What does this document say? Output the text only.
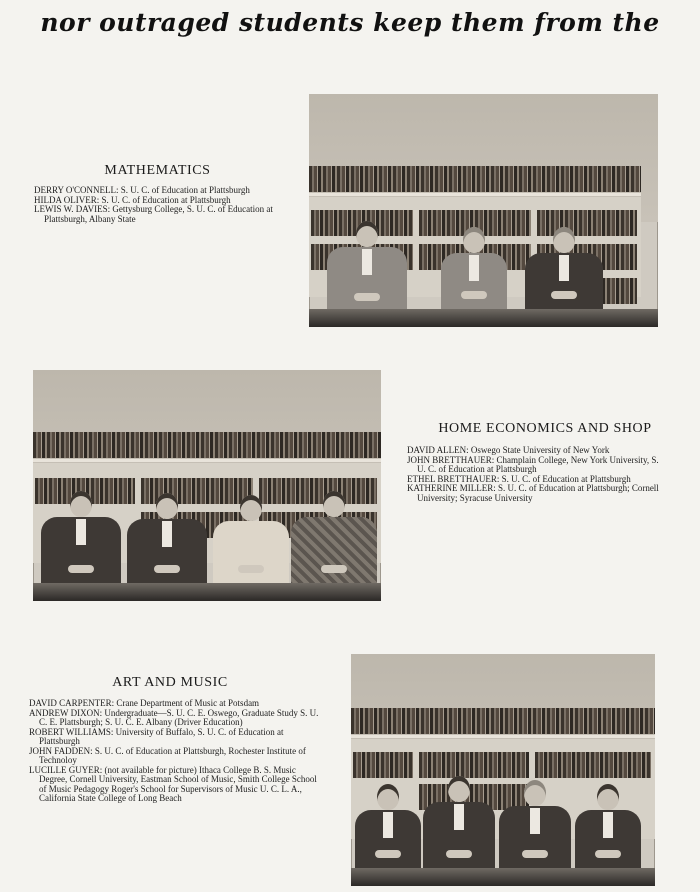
nor outraged students keep them from the
MATHEMATICS

DERRY O'CONNELL: S. U. C. of Education at Plattsburgh

HILDA OLIVER: S. U. C. of Education at Plattsburgh

LEWIS W. DAVIES: Gettysburg College, S. U. C. of Education at Plattsburgh, Albany State

HOME ECONOMICS AND SHOP

DAVID ALLEN: Oswego State University of New York

JOHN BRETTHAUER: Champlain College, New York University, S. U. C. of Education at Plattsburgh

ETHEL BRETTHAUER: S. U. C. of Education at Plattsburgh

KATHERINE MILLER: S. U. C. of Education at Plattsburgh; Cornell University; Syracuse University

ART AND MUSIC

DAVID CARPENTER: Crane Department of Music at Potsdam

ANDREW DIXON: Undergraduate—S. U. C. E. Oswego, Graduate Study S. U. C. E. Plattsburgh; S. U. C. E. Albany (Driver Education)

ROBERT WILLIAMS: University of Buffalo, S. U. C. of Education at Plattsburgh

JOHN FADDEN: S. U. C. of Education at Plattsburgh, Rochester Institute of Technoloy

LUCILLE GUYER: (not available for picture) Ithaca College B. S. Music Degree, Cornell University, Eastman School of Music, Smith College School of Music Pedagogy Roger's School for Supervisors of Music U. C. L. A., California State College of Long Beach
